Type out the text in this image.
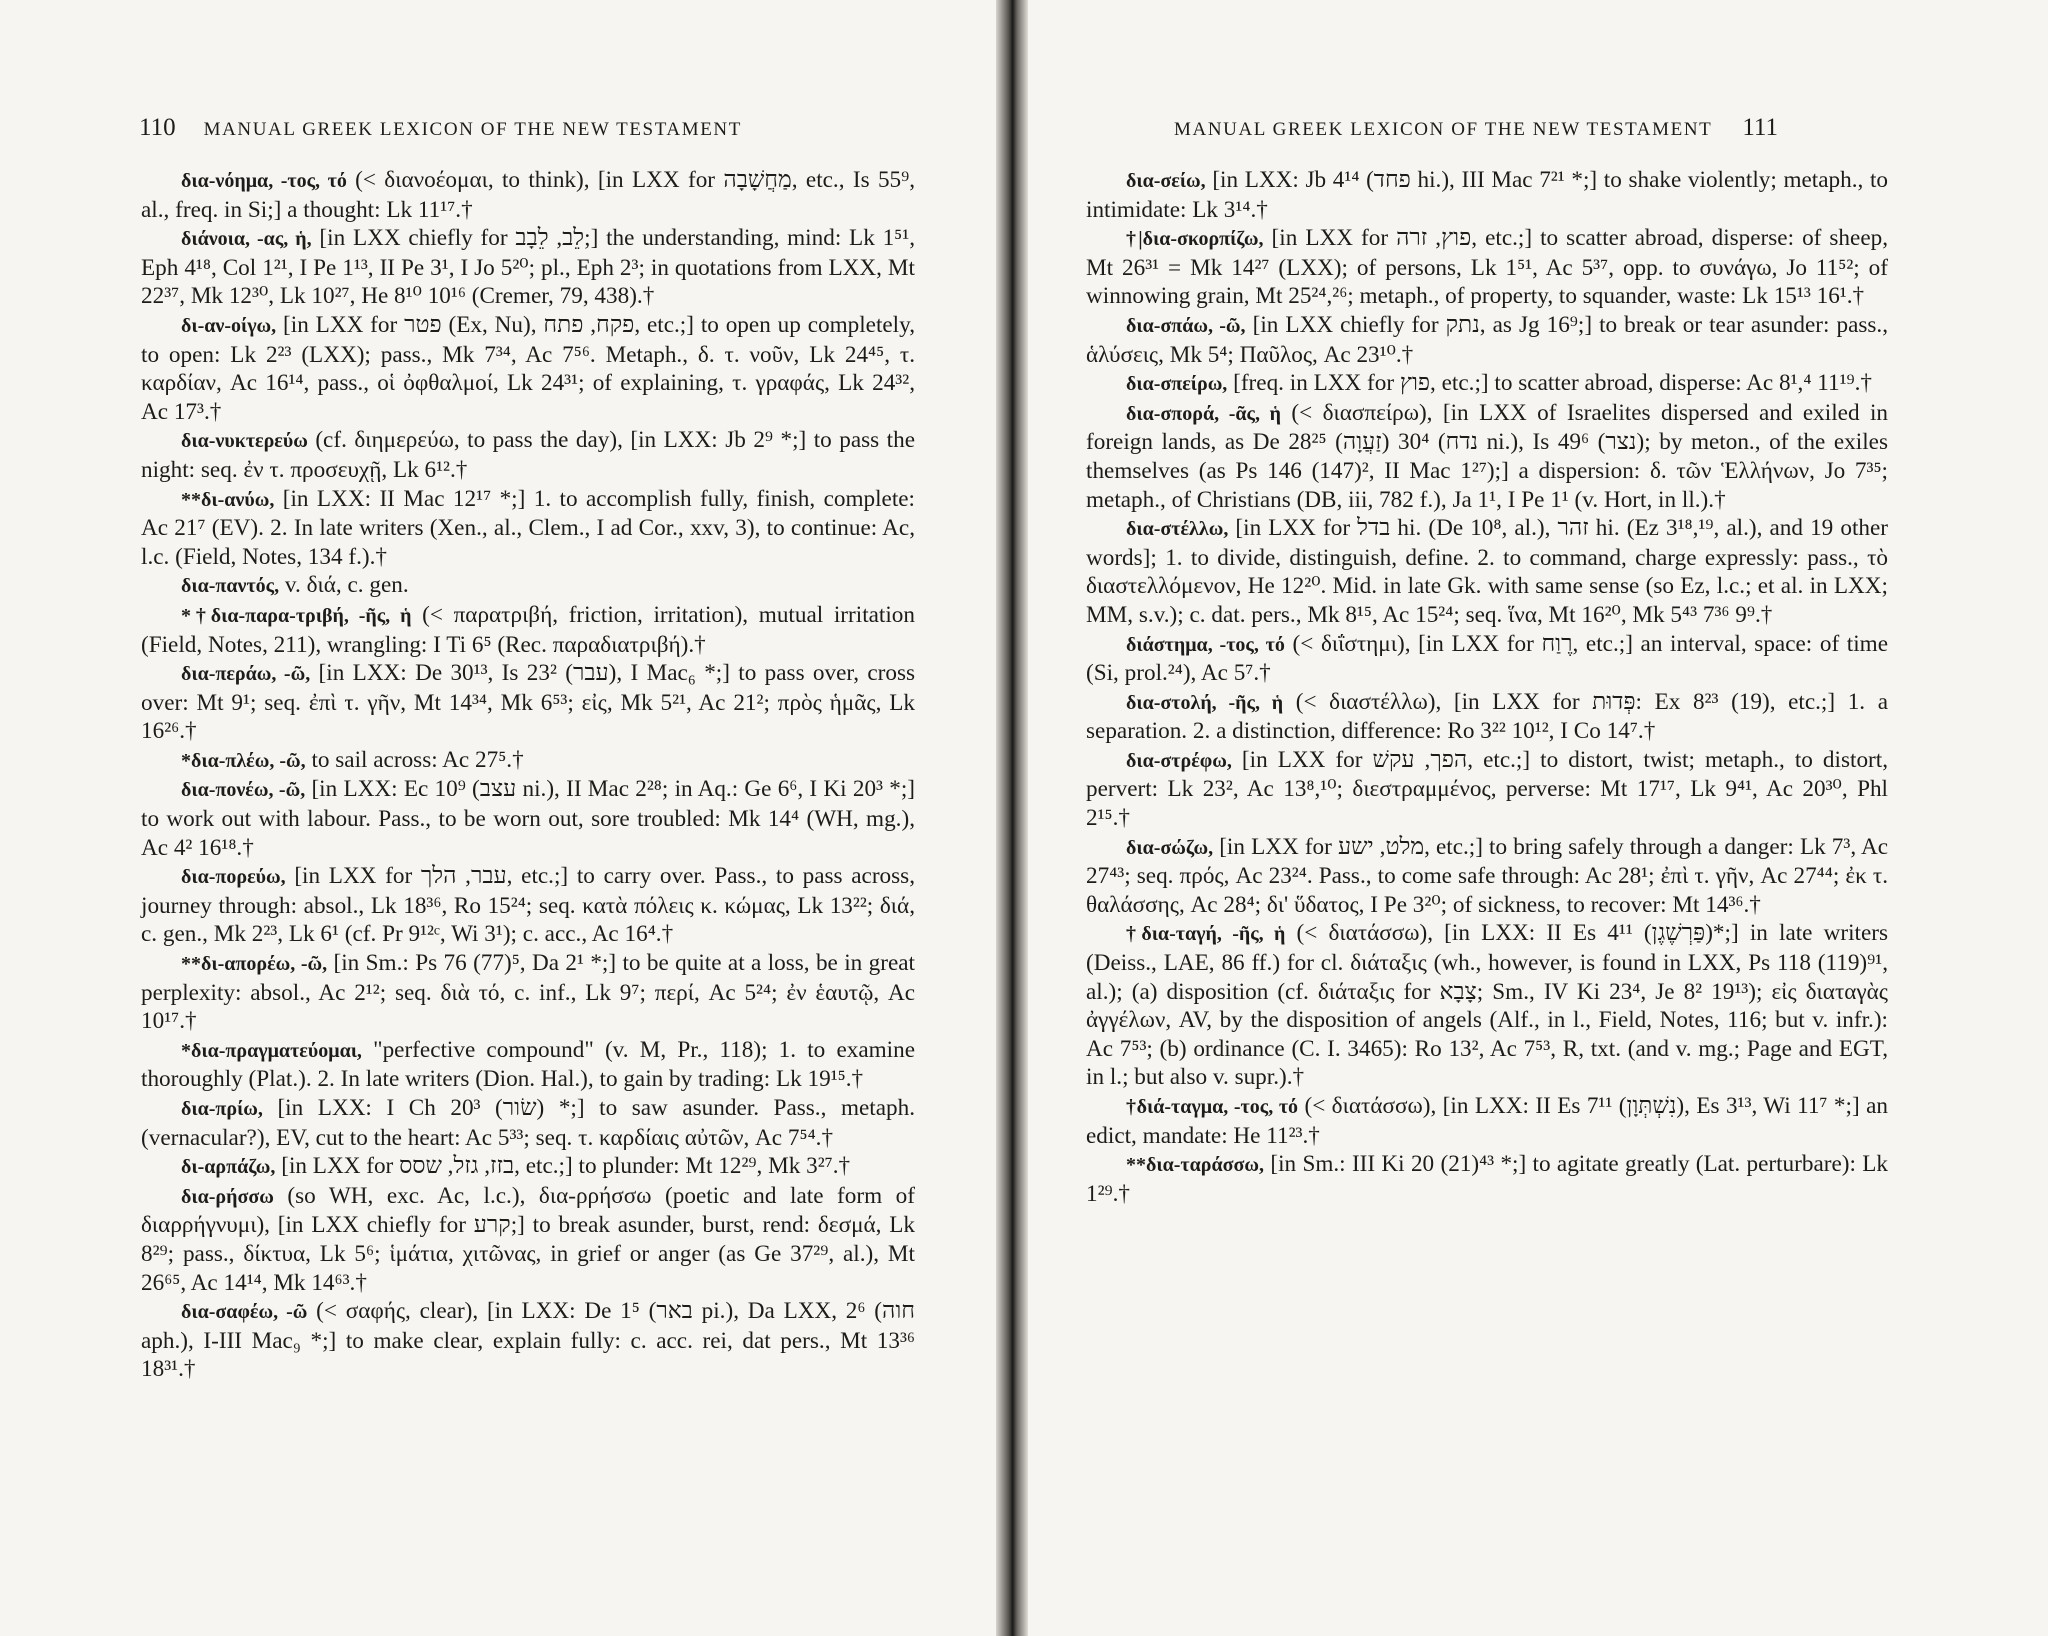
110 MANUAL GREEK LEXICON OF THE NEW TESTAMENT

δια-νόημα, -τος, τό (< διανοέομαι, to think), [in LXX for מַחֲשָׁבָה, etc., Is 55⁹, al., freq. in Si;] a thought: Lk 11¹⁷.†

διάνοια, -ας, ἡ, [in LXX chiefly for לֵב, לֵבָב;] the understanding, mind: Lk 1⁵¹, Eph 4¹⁸, Col 1²¹, I Pe 1¹³, II Pe 3¹, I Jo 5²⁰; pl., Eph 2³; in quotations from LXX, Mt 22³⁷, Mk 12³⁰, Lk 10²⁷, He 8¹⁰ 10¹⁶ (Cremer, 79, 438).†

δι-αν-οίγω, [in LXX for פטר (Ex, Nu), פקח, פתח, etc.;] to open up completely, to open: Lk 2²³ (LXX); pass., Mk 7³⁴, Ac 7⁵⁶. Metaph., δ. τ. νοῦν, Lk 24⁴⁵, τ. καρδίαν, Ac 16¹⁴, pass., οἱ ὀφθαλμοί, Lk 24³¹; of explaining, τ. γραφάς, Lk 24³², Ac 17³.†

δια-νυκτερεύω (cf. διημερεύω, to pass the day), [in LXX: Jb 2⁹ *;] to pass the night: seq. ἐν τ. προσευχῇ, Lk 6¹².†

**δι-ανύω, [in LXX: II Mac 12¹⁷ *;] 1. to accomplish fully, finish, complete: Ac 21⁷ (EV). 2. In late writers (Xen., al., Clem., I ad Cor., xxv, 3), to continue: Ac, l.c. (Field, Notes, 134 f.).†

δια-παντός, v. διά, c. gen.

*†δια-παρα-τριβή, -ῆς, ἡ (< παρατριβή, friction, irritation), mutual irritation (Field, Notes, 211), wrangling: I Ti 6⁵ (Rec. παραδιατριβή).†

δια-περάω, -ῶ, [in LXX: De 30¹³, Is 23² (עבר), I Mac₆ *;] to pass over, cross over: Mt 9¹; seq. ἐπὶ τ. γῆν, Mt 14³⁴, Mk 6⁵³; εἰς, Mk 5²¹, Ac 21²; πρὸς ἡμᾶς, Lk 16²⁶.†

*δια-πλέω, -ῶ, to sail across: Ac 27⁵.†

δια-πονέω, -ῶ, [in LXX: Ec 10⁹ (עצב ni.), II Mac 2²⁸; in Aq.: Ge 6⁶, I Ki 20³ *;] to work out with labour. Pass., to be worn out, sore troubled: Mk 14⁴ (WH, mg.), Ac 4² 16¹⁸.†

δια-πορεύω, [in LXX for עבר, הלך, etc.;] to carry over. Pass., to pass across, journey through: absol., Lk 18³⁶, Ro 15²⁴; seq. κατὰ πόλεις κ. κώμας, Lk 13²²; διά, c. gen., Mk 2²³, Lk 6¹ (cf. Pr 9¹²ᶜ, Wi 3¹); c. acc., Ac 16⁴.†

**δι-απορέω, -ῶ, [in Sm.: Ps 76 (77)⁵, Da 2¹ *;] to be quite at a loss, be in great perplexity: absol., Ac 2¹²; seq. διὰ τό, c. inf., Lk 9⁷; περί, Ac 5²⁴; ἐν ἑαυτῷ, Ac 10¹⁷.†

*δια-πραγματεύομαι, "perfective compound" (v. M, Pr., 118); 1. to examine thoroughly (Plat.). 2. In late writers (Dion. Hal.), to gain by trading: Lk 19¹⁵.†

δια-πρίω, [in LXX: I Ch 20³ (שׂור) *;] to saw asunder. Pass., metaph. (vernacular?), EV, cut to the heart: Ac 5³³; seq. τ. καρδίαις αὐτῶν, Ac 7⁵⁴.†

δι-αρπάζω, [in LXX for בזז, גזל, שסס, etc.;] to plunder: Mt 12²⁹, Mk 3²⁷.†

δια-ρήσσω (so WH, exc. Ac, l.c.), δια-ρρήσσω (poetic and late form of διαρρήγνυμι), [in LXX chiefly for קרע;] to break asunder, burst, rend: δεσμά, Lk 8²⁹; pass., δίκτυα, Lk 5⁶; ἱμάτια, χιτῶνας, in grief or anger (as Ge 37²⁹, al.), Mt 26⁶⁵, Ac 14¹⁴, Mk 14⁶³.†

δια-σαφέω, -ῶ (< σαφής, clear), [in LXX: De 1⁵ (באר pi.), Da LXX, 2⁶ (חוה aph.), I-III Mac₉ *;] to make clear, explain fully: c. acc. rei, dat pers., Mt 13³⁶ 18³¹.†

MANUAL GREEK LEXICON OF THE NEW TESTAMENT 111

δια-σείω, [in LXX: Jb 4¹⁴ (פחד hi.), III Mac 7²¹ *;] to shake violently; metaph., to intimidate: Lk 3¹⁴.†

†|δια-σκορπίζω, [in LXX for פוץ, זרה, etc.;] to scatter abroad, disperse: of sheep, Mt 26³¹ = Mk 14²⁷ (LXX); of persons, Lk 1⁵¹, Ac 5³⁷, opp. to συνάγω, Jo 11⁵²; of winnowing grain, Mt 25²⁴,²⁶; metaph., of property, to squander, waste: Lk 15¹³ 16¹.†

δια-σπάω, -ῶ, [in LXX chiefly for נתק, as Jg 16⁹;] to break or tear asunder: pass., ἁλύσεις, Mk 5⁴; Παῦλος, Ac 23¹⁰.†

δια-σπείρω, [freq. in LXX for פוץ, etc.;] to scatter abroad, disperse: Ac 8¹,⁴ 11¹⁹.†

δια-σπορά, -ᾶς, ἡ (< διασπείρω), [in LXX of Israelites dispersed and exiled in foreign lands, as De 28²⁵ (זַעֲוָה) 30⁴ (נדח ni.), Is 49⁶ (נצר); by meton., of the exiles themselves (as Ps 146 (147)², II Mac 1²⁷);] a dispersion: δ. τῶν Ἑλλήνων, Jo 7³⁵; metaph., of Christians (DB, iii, 782 f.), Ja 1¹, I Pe 1¹ (v. Hort, in ll.).†

δια-στέλλω, [in LXX for בדל hi. (De 10⁸, al.), זהר hi. (Ez 3¹⁸,¹⁹, al.), and 19 other words]; 1. to divide, distinguish, define. 2. to command, charge expressly: pass., τὸ διαστελλόμενον, He 12²⁰. Mid. in late Gk. with same sense (so Ez, l.c.; et al. in LXX; MM, s.v.); c. dat. pers., Mk 8¹⁵, Ac 15²⁴; seq. ἵνα, Mt 16²⁰, Mk 5⁴³ 7³⁶ 9⁹.†

διάστημα, -τος, τό (< διΐστημι), [in LXX for רֶוַח, etc.;] an interval, space: of time (Si, prol.²⁴), Ac 5⁷.†

δια-στολή, -ῆς, ἡ (< διαστέλλω), [in LXX for פְּדוּת: Ex 8²³ (19), etc.;] 1. a separation. 2. a distinction, difference: Ro 3²² 10¹², I Co 14⁷.†

δια-στρέφω, [in LXX for הפך, עקשׁ, etc.;] to distort, twist; metaph., to distort, pervert: Lk 23², Ac 13⁸,¹⁰; διεστραμμένος, perverse: Mt 17¹⁷, Lk 9⁴¹, Ac 20³⁰, Phl 2¹⁵.†

δια-σώζω, [in LXX for מלט, ישע, etc.;] to bring safely through a danger: Lk 7³, Ac 27⁴³; seq. πρός, Ac 23²⁴. Pass., to come safe through: Ac 28¹; ἐπὶ τ. γῆν, Ac 27⁴⁴; ἐκ τ. θαλάσσης, Ac 28⁴; δι' ὕδατος, I Pe 3²⁰; of sickness, to recover: Mt 14³⁶.†

†δια-ταγή, -ῆς, ἡ (< διατάσσω), [in LXX: II Es 4¹¹ (פַּרְשֶׁגֶן)*;] in late writers (Deiss., LAE, 86 ff.) for cl. διάταξις (wh., however, is found in LXX, Ps 118 (119)⁹¹, al.); (a) disposition (cf. διάταξις for צָבָא; Sm., IV Ki 23⁴, Je 8² 19¹³); εἰς διαταγὰς ἀγγέλων, AV, by the disposition of angels (Alf., in l., Field, Notes, 116; but v. infr.): Ac 7⁵³; (b) ordinance (C. I. 3465): Ro 13², Ac 7⁵³, R, txt. (and v. mg.; Page and EGT, in l.; but also v. supr.).†

†διά-ταγμα, -τος, τό (< διατάσσω), [in LXX: II Es 7¹¹ (נִשְׁתְּוָן), Es 3¹³, Wi 11⁷ *;] an edict, mandate: He 11²³.†

**δια-ταράσσω, [in Sm.: III Ki 20 (21)⁴³ *;] to agitate greatly (Lat. perturbare): Lk 1²⁹.†
